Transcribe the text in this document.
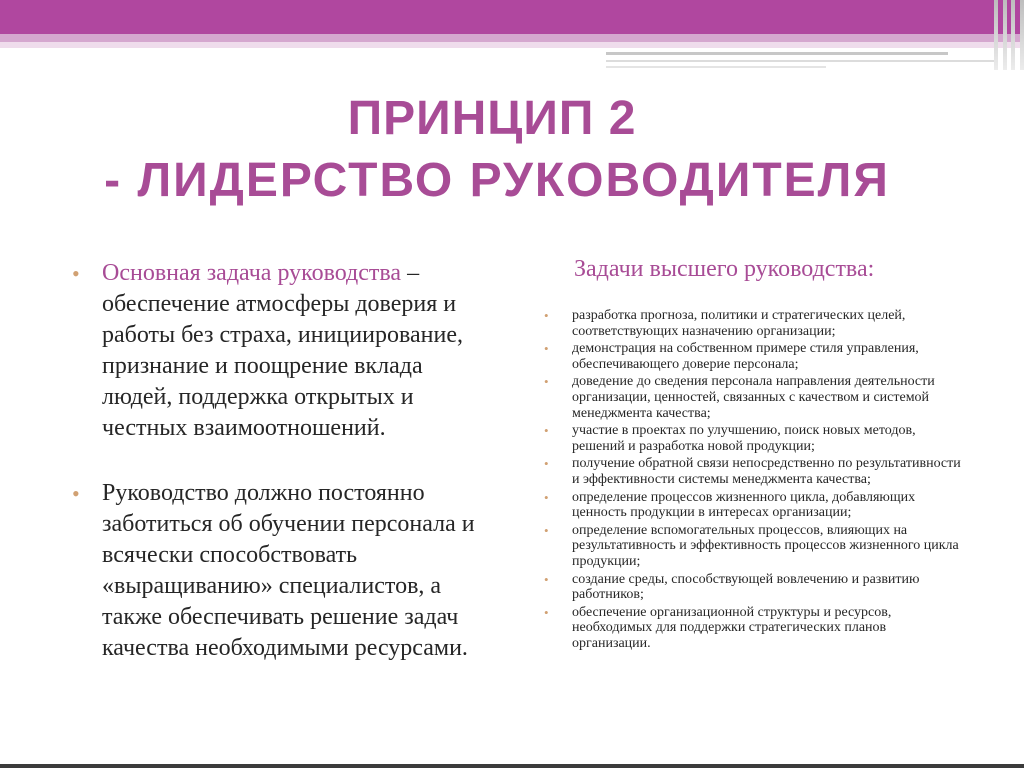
ПРИНЦИП 2
- ЛИДЕРСТВО РУКОВОДИТЕЛЯ
• Основная задача руководства – обеспечение атмосферы доверия и работы без страха, инициирование, признание и поощрение вклада людей, поддержка открытых и честных взаимоотношений.
• Руководство должно постоянно заботиться об обучении персонала и всячески способствовать «выращиванию» специалистов, а также обеспечивать решение задач качества необходимыми ресурсами.
Задачи высшего руководства:
• разработка прогноза, политики и стратегических целей, соответствующих назначению организации;
• демонстрация на собственном примере стиля управления, обеспечивающего доверие персонала;
• доведение до сведения персонала направления деятельности организации, ценностей, связанных с качеством и системой менеджмента качества;
• участие в проектах по улучшению, поиск новых методов, решений и разработка новой продукции;
• получение обратной связи непосредственно по результативности и эффективности системы менеджмента качества;
• определение процессов жизненного цикла, добавляющих ценность продукции в интересах организации;
• определение вспомогательных процессов, влияющих на результативность и эффективность процессов жизненного цикла продукции;
• создание среды, способствующей вовлечению и развитию работников;
• обеспечение организационной структуры и ресурсов, необходимых для поддержки стратегических планов организации.
